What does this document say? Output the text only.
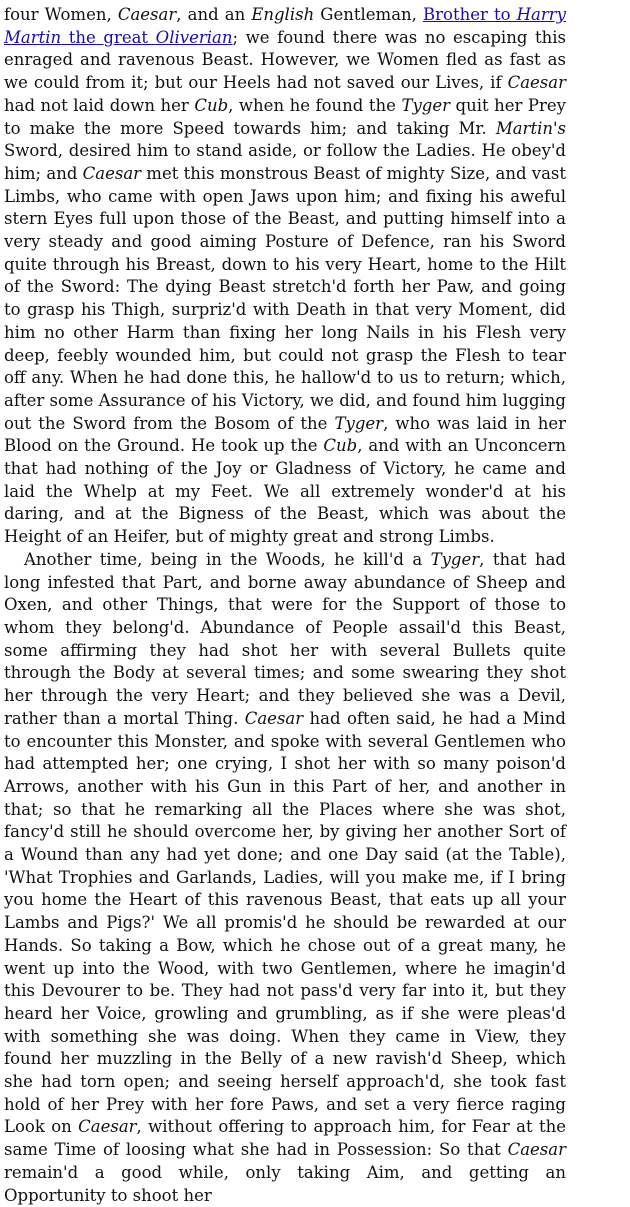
four Women, Caesar, and an English Gentleman, Brother to Harry Martin the great Oliverian; we found there was no escaping this enraged and ravenous Beast. However, we Women fled as fast as we could from it; but our Heels had not saved our Lives, if Caesar had not laid down her Cub, when he found the Tyger quit her Prey to make the more Speed towards him; and taking Mr. Martin's Sword, desired him to stand aside, or follow the Ladies. He obey'd him; and Caesar met this monstrous Beast of mighty Size, and vast Limbs, who came with open Jaws upon him; and fixing his aweful stern Eyes full upon those of the Beast, and putting himself into a very steady and good aiming Posture of Defence, ran his Sword quite through his Breast, down to his very Heart, home to the Hilt of the Sword: The dying Beast stretch'd forth her Paw, and going to grasp his Thigh, surpriz'd with Death in that very Moment, did him no other Harm than fixing her long Nails in his Flesh very deep, feebly wounded him, but could not grasp the Flesh to tear off any. When he had done this, he hallow'd to us to return; which, after some Assurance of his Victory, we did, and found him lugging out the Sword from the Bosom of the Tyger, who was laid in her Blood on the Ground. He took up the Cub, and with an Unconcern that had nothing of the Joy or Gladness of Victory, he came and laid the Whelp at my Feet. We all extremely wonder'd at his daring, and at the Bigness of the Beast, which was about the Height of an Heifer, but of mighty great and strong Limbs.

Another time, being in the Woods, he kill'd a Tyger, that had long infested that Part, and borne away abundance of Sheep and Oxen, and other Things, that were for the Support of those to whom they belong'd. Abundance of People assail'd this Beast, some affirming they had shot her with several Bullets quite through the Body at several times; and some swearing they shot her through the very Heart; and they believed she was a Devil, rather than a mortal Thing. Caesar had often said, he had a Mind to encounter this Monster, and spoke with several Gentlemen who had attempted her; one crying, I shot her with so many poison'd Arrows, another with his Gun in this Part of her, and another in that; so that he remarking all the Places where she was shot, fancy'd still he should overcome her, by giving her another Sort of a Wound than any had yet done; and one Day said (at the Table), 'What Trophies and Garlands, Ladies, will you make me, if I bring you home the Heart of this ravenous Beast, that eats up all your Lambs and Pigs?' We all promis'd he should be rewarded at our Hands. So taking a Bow, which he chose out of a great many, he went up into the Wood, with two Gentlemen, where he imagin'd this Devourer to be. They had not pass'd very far into it, but they heard her Voice, growling and grumbling, as if she were pleas'd with something she was doing. When they came in View, they found her muzzling in the Belly of a new ravish'd Sheep, which she had torn open; and seeing herself approach'd, she took fast hold of her Prey with her fore Paws, and set a very fierce raging Look on Caesar, without offering to approach him, for Fear at the same Time of loosing what she had in Possession: So that Caesar remain'd a good while, only taking Aim, and getting an Opportunity to shoot her
